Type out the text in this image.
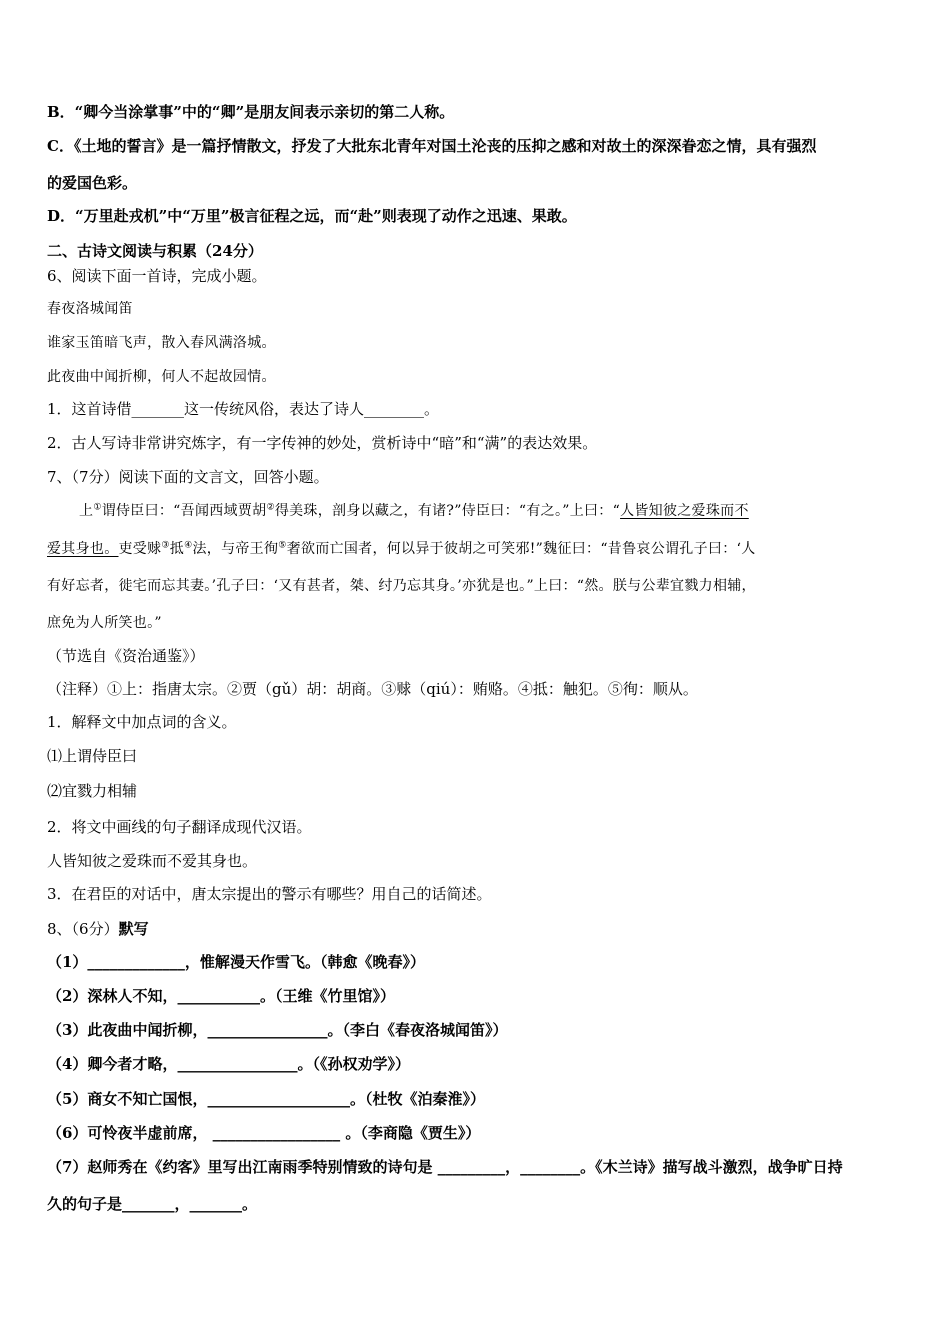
B．“卿今当涂掌事”中的“卿”是朋友间表示亲切的第二人称。
C．《土地的誓言》是一篇抒情散文，抒发了大批东北青年对国土沦丧的压抑之感和对故土的深深眷恋之情，具有强烈
的爱国色彩。
D．“万里赴戎机”中“万里”极言征程之远，而“赴”则表现了动作之迅速、果敢。
二、古诗文阅读与积累（24分）
6、阅读下面一首诗，完成小题。
春夜洛城闻笛
谁家玉笛暗飞声，散入春风满洛城。
此夜曲中闻折柳，何人不起故园情。
1．这首诗借_______这一传统风俗，表达了诗人________。
2．古人写诗非常讲究炼字，有一字传神的妙处，赏析诗中“暗”和“满”的表达效果。
7、（7分）阅读下面的文言文，回答小题。
上①谓侍臣曰：“吾闻西域贾胡②得美珠，剖身以藏之，有诸?”侍臣曰：“有之。”上曰：“人皆知彼之爱珠而不
爱其身也。吏受赇③抵④法，与帝王徇⑤奢欲而亡国者，何以异于彼胡之可笑邪!”魏征曰：“昔鲁哀公谓孔子曰：‘人
有好忘者，徙宅而忘其妻。’孔子曰：‘又有甚者，桀、纣乃忘其身。’亦犹是也。”上曰：“然。朕与公辈宜戮力相辅，
庶免为人所笑也。”
（节选自《资治通鉴》）
（注释）①上：指唐太宗。②贾（gǔ）胡：胡商。③赇（qiú）：贿赂。④抵：触犯。⑤徇：顺从。
1．解释文中加点词的含义。
⑴上谓侍臣曰
⑵宜戮力相辅
2．将文中画线的句子翻译成现代汉语。
人皆知彼之爱珠而不爱其身也。
3．在君臣的对话中，唐太宗提出的警示有哪些？用自己的话简述。
8、（6分）默写
（1）_____________，惟解漫天作雪飞。（韩愈《晚春》）
（2）深林人不知，___________。（王维《竹里馆》）
（3）此夜曲中闻折柳，________________。（李白《春夜洛城闻笛》）
（4）卿今者才略，________________。（《孙权劝学》）
（5）商女不知亡国恨，___________________。（杜牧《泊秦淮》）
（6）可怜夜半虚前席， _________________ 。（李商隐《贾生》）
（7）赵师秀在《约客》里写出江南雨季特别情致的诗句是 _________，________。《木兰诗》描写战斗激烈，战争旷日持
久的句子是_______，_______。
